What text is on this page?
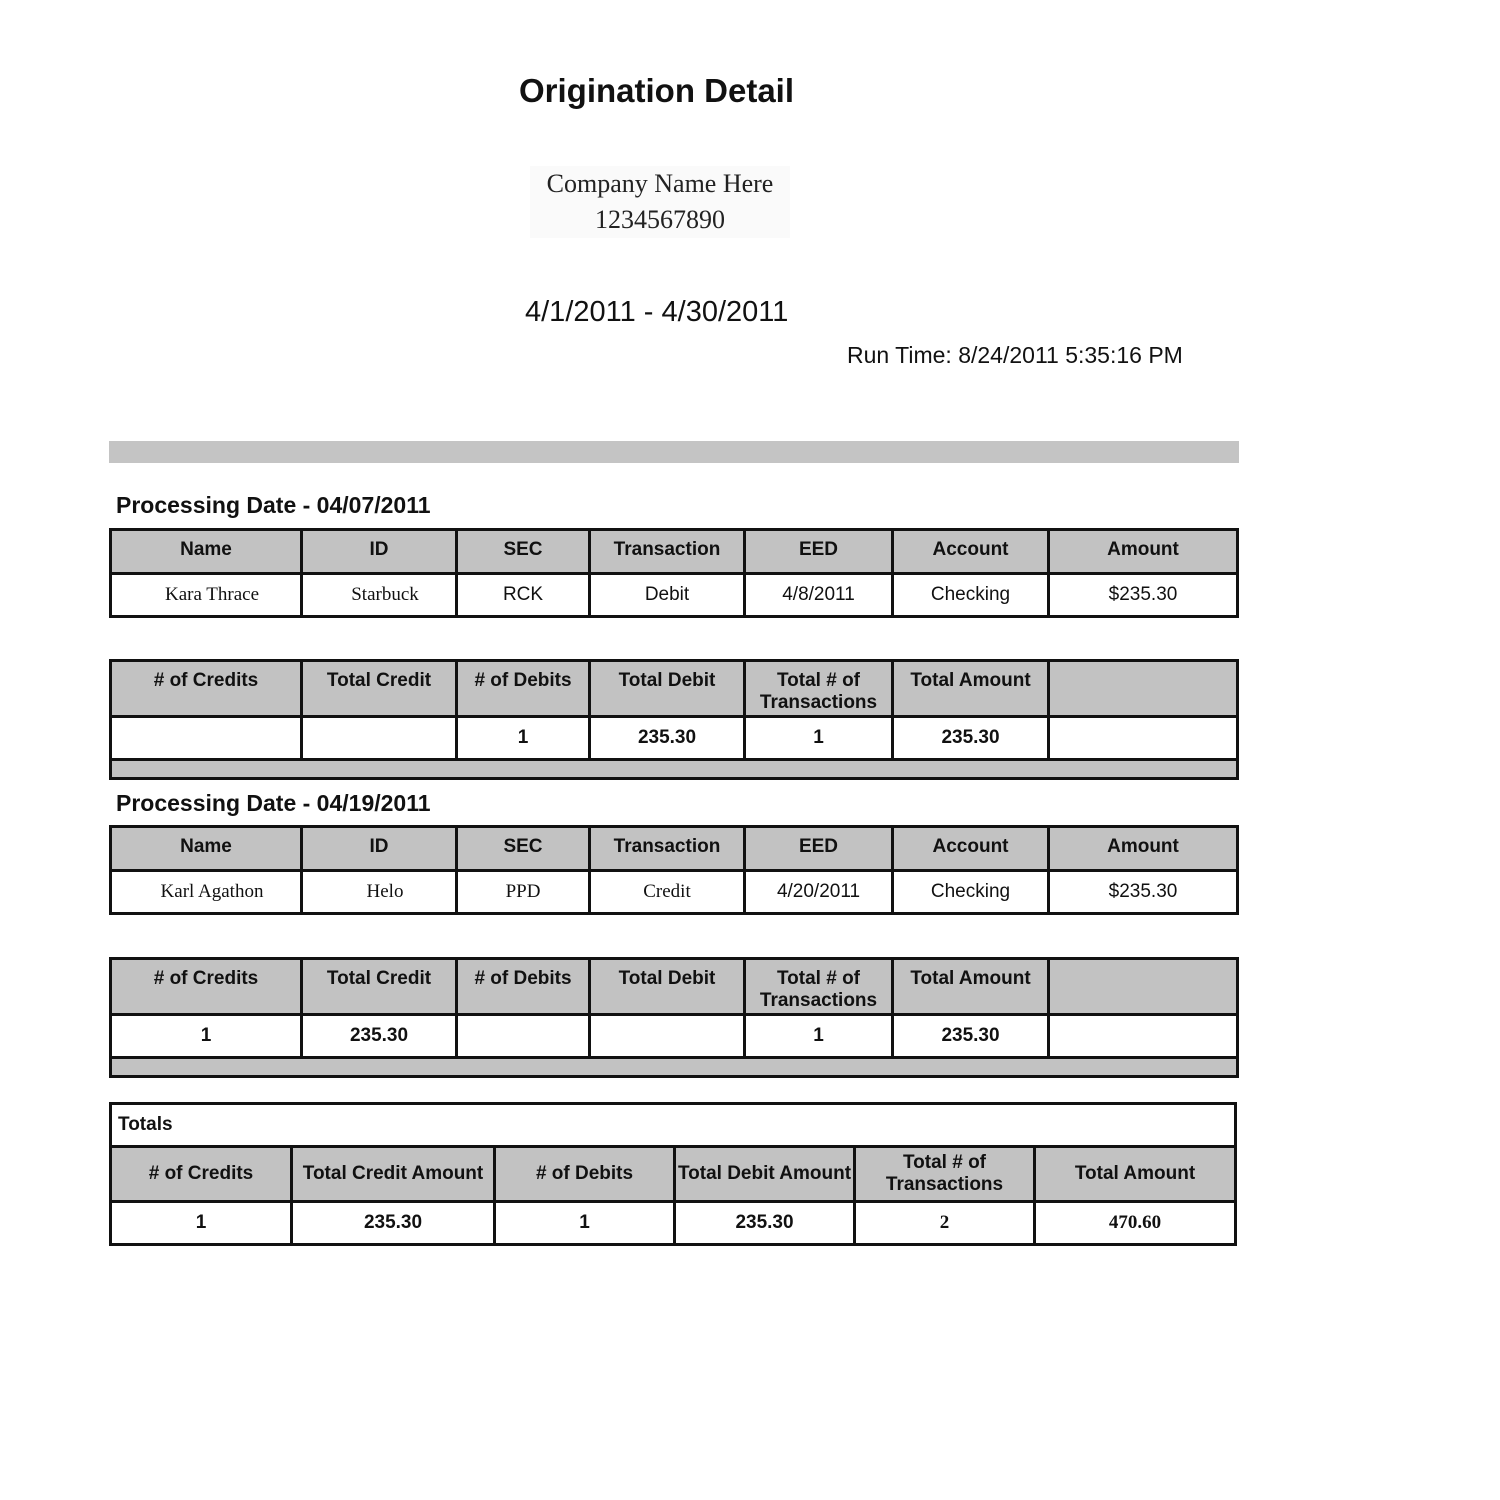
Origination Detail
Company Name Here
1234567890
4/1/2011 - 4/30/2011
Run Time: 8/24/2011 5:35:16 PM
Processing Date - 04/07/2011
Name	ID	SEC	Transaction	EED	Account	Amount
Kara Thrace	Starbuck	RCK	Debit	4/8/2011	Checking	$235.30
# of Credits	Total Credit	# of Debits	Total Debit	Total # of Transactions	Total Amount	
		1	235.30	1	235.30	

Processing Date - 04/19/2011
Name	ID	SEC	Transaction	EED	Account	Amount
Karl Agathon	Helo	PPD	Credit	4/20/2011	Checking	$235.30
# of Credits	Total Credit	# of Debits	Total Debit	Total # of Transactions	Total Amount	
1	235.30			1	235.30	

Totals					
# of Credits	Total Credit Amount	# of Debits	Total Debit Amount	Total # of Transactions	Total Amount
1	235.30	1	235.30	2	470.60
